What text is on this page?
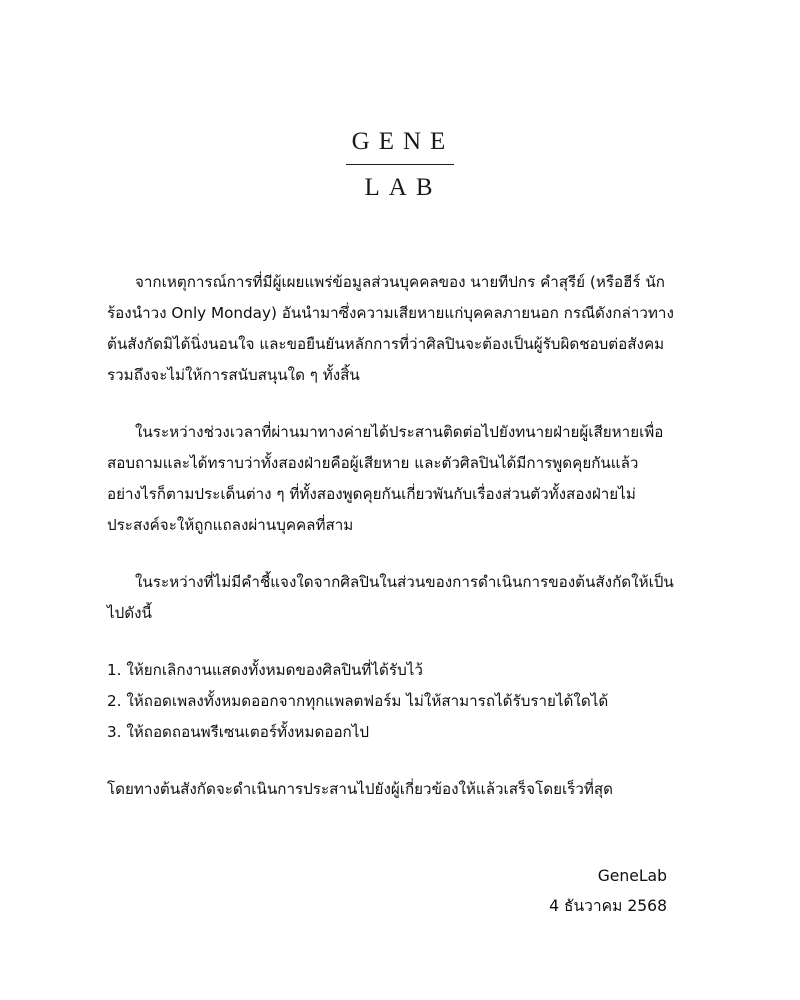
GENE
LAB

จากเหตุการณ์การที่มีผู้เผยแพร่ข้อมูลส่วนบุคคลของ นายทีปกร คำสุรีย์ (หรือฮีร์ นักร้องนำวง Only Monday) อันนำมาซึ่งความเสียหายแก่บุคคลภายนอก กรณีดังกล่าวทางต้นสังกัดมิได้นิ่งนอนใจ และขอยืนยันหลักการที่ว่าศิลปินจะต้องเป็นผู้รับผิดชอบต่อสังคมรวมถึงจะไม่ให้การสนับสนุนใด ๆ ทั้งสิ้น

ในระหว่างช่วงเวลาที่ผ่านมาทางค่ายได้ประสานติดต่อไปยังทนายฝ่ายผู้เสียหายเพื่อสอบถามและได้ทราบว่าทั้งสองฝ่ายคือผู้เสียหาย และตัวศิลปินได้มีการพูดคุยกันแล้ว อย่างไรก็ตามประเด็นต่าง ๆ ที่ทั้งสองพูดคุยกันเกี่ยวพันกับเรื่องส่วนตัวทั้งสองฝ่ายไม่ประสงค์จะให้ถูกแถลงผ่านบุคคลที่สาม

ในระหว่างที่ไม่มีคำชี้แจงใดจากศิลปินในส่วนของการดำเนินการของต้นสังกัดให้เป็นไปดังนี้

1. ให้ยกเลิกงานแสดงทั้งหมดของศิลปินที่ได้รับไว้
2. ให้ถอดเพลงทั้งหมดออกจากทุกแพลตฟอร์ม ไม่ให้สามารถได้รับรายได้ใดได้
3. ให้ถอดถอนพรีเซนเตอร์ทั้งหมดออกไป

โดยทางต้นสังกัดจะดำเนินการประสานไปยังผู้เกี่ยวข้องให้แล้วเสร็จโดยเร็วที่สุด

GeneLab
4 ธันวาคม 2568
